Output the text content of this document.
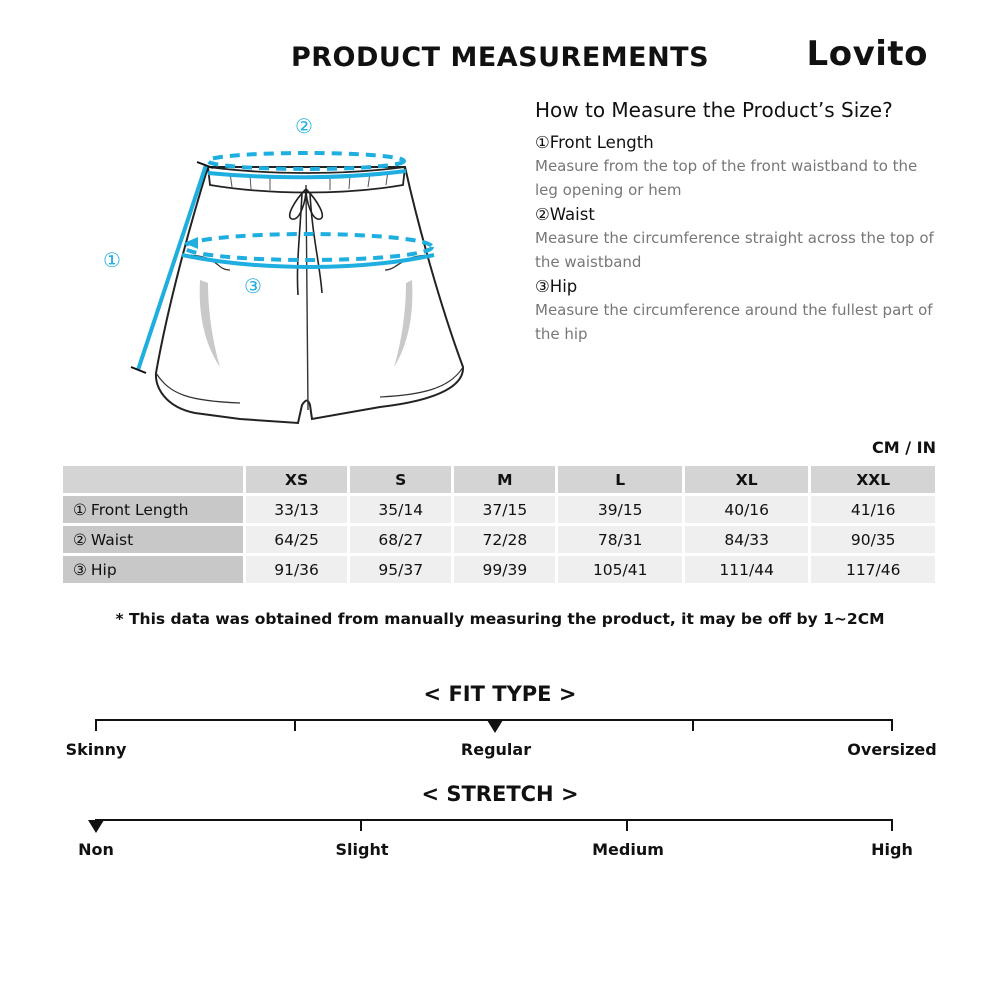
PRODUCT MEASUREMENTS	Lovito
①
②
③
How to Measure the Product’s Size?
①Front Length
Measure from the top of the front waistband to the leg opening or hem
②Waist
Measure the circumference straight across the top of the waistband
③Hip
Measure the circumference around the fullest part of the hip
CM / IN
	XS	S	M	L	XL	XXL
① Front Length	33/13	35/14	37/15	39/15	40/16	41/16
② Waist	64/25	68/27	72/28	78/31	84/33	90/35
③ Hip	91/36	95/37	99/39	105/41	111/44	117/46
* This data was obtained from manually measuring the product, it may be off by 1~2CM
< FIT TYPE >
Skinny	Regular	Oversized
< STRETCH >
Non	Slight	Medium	High
